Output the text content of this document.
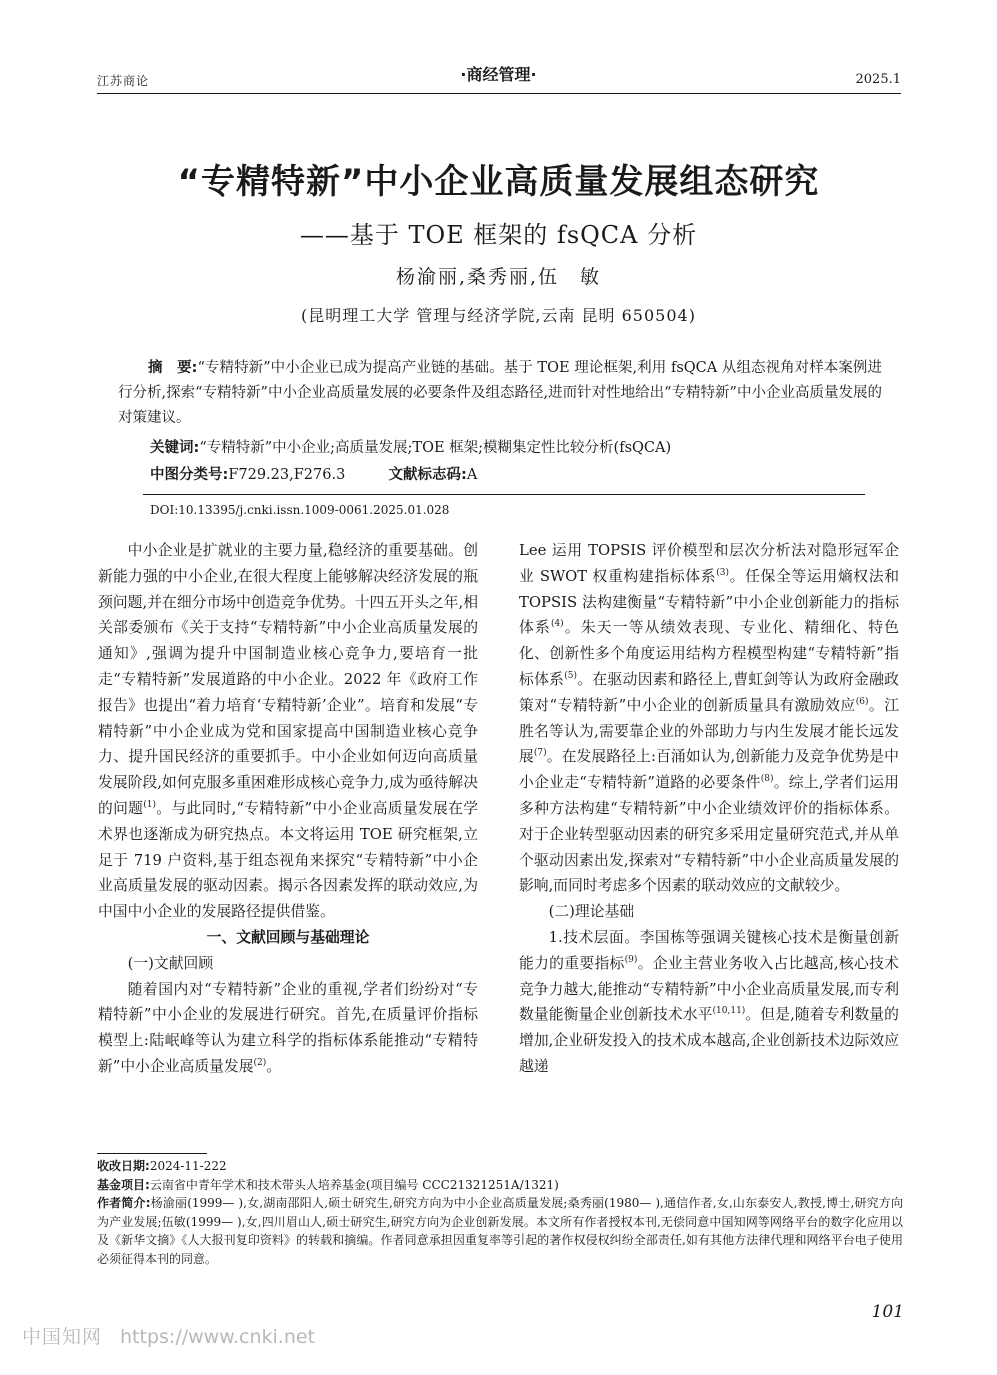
江苏商论	·商经管理·	2025.1
“专精特新”中小企业高质量发展组态研究
——基于 TOE 框架的 fsQCA 分析
杨渝丽,桑秀丽,伍　敏
(昆明理工大学 管理与经济学院,云南 昆明 650504)
摘　要:“专精特新”中小企业已成为提高产业链的基础。基于 TOE 理论框架,利用 fsQCA 从组态视角对样本案例进行分析,探索“专精特新”中小企业高质量发展的必要条件及组态路径,进而针对性地给出“专精特新”中小企业高质量发展的对策建议。
关键词:“专精特新”中小企业;高质量发展;TOE 框架;模糊集定性比较分析(fsQCA)
中图分类号:F729.23,F276.3	文献标志码:A
DOI:10.13395/j.cnki.issn.1009-0061.2025.01.028

中小企业是扩就业的主要力量,稳经济的重要基础。创新能力强的中小企业,在很大程度上能够解决经济发展的瓶颈问题,并在细分市场中创造竞争优势。十四五开头之年,相关部委颁布《关于支持“专精特新”中小企业高质量发展的通知》,强调为提升中国制造业核心竞争力,要培育一批走“专精特新”发展道路的中小企业。2022 年《政府工作报告》也提出“着力培育‘专精特新’企业”。培育和发展“专精特新”中小企业成为党和国家提高中国制造业核心竞争力、提升国民经济的重要抓手。中小企业如何迈向高质量发展阶段,如何克服多重困难形成核心竞争力,成为亟待解决的问题$^{(1)}$。与此同时,“专精特新”中小企业高质量发展在学术界也逐渐成为研究热点。本文将运用 TOE 研究框架,立足于 719 户资料,基于组态视角来探究“专精特新”中小企业高质量发展的驱动因素。揭示各因素发挥的联动效应,为中国中小企业的发展路径提供借鉴。

一、文献回顾与基础理论

(一)文献回顾

随着国内对“专精特新”企业的重视,学者们纷纷对“专精特新”中小企业的发展进行研究。首先,在质量评价指标模型上:陆岷峰等认为建立科学的指标体系能推动“专精特新”中小企业高质量发展$^{(2)}$。

Lee 运用 TOPSIS 评价模型和层次分析法对隐形冠军企业 SWOT 权重构建指标体系$^{(3)}$。任保全等运用熵权法和 TOPSIS 法构建衡量“专精特新”中小企业创新能力的指标体系$^{(4)}$。朱天一等从绩效表现、专业化、精细化、特色化、创新性多个角度运用结构方程模型构建“专精特新”指标体系$^{(5)}$。在驱动因素和路径上,曹虹剑等认为政府金融政策对“专精特新”中小企业的创新质量具有激励效应$^{(6)}$。江胜名等认为,需要靠企业的外部助力与内生发展才能长远发展$^{(7)}$。在发展路径上:百涌如认为,创新能力及竞争优势是中小企业走“专精特新”道路的必要条件$^{(8)}$。综上,学者们运用多种方法构建“专精特新”中小企业绩效评价的指标体系。对于企业转型驱动因素的研究多采用定量研究范式,并从单个驱动因素出发,探索对“专精特新”中小企业高质量发展的影响,而同时考虑多个因素的联动效应的文献较少。

(二)理论基础

1.技术层面。李国栋等强调关键核心技术是衡量创新能力的重要指标$^{(9)}$。企业主营业务收入占比越高,核心技术竞争力越大,能推动“专精特新”中小企业高质量发展,而专利数量能衡量企业创新技术水平$^{(10,11)}$。但是,随着专利数量的增加,企业研发投入的技术成本越高,企业创新技术边际效应越递

收改日期:2024-11-222

基金项目:云南省中青年学术和技术带头人培养基金(项目编号 CCC21321251A/1321)

作者简介:杨渝丽(1999— ),女,湖南邵阳人,硕士研究生,研究方向为中小企业高质量发展;桑秀丽(1980— ),通信作者,女,山东泰安人,教授,博士,研究方向为产业发展;伍敏(1999— ),女,四川眉山人,硕士研究生,研究方向为企业创新发展。本文所有作者授权本刊,无偿同意中国知网等网络平台的数字化应用以及《新华文摘》《人大报刊复印资料》的转载和摘编。作者同意承担因重复率等引起的著作权侵权纠纷全部责任,如有其他方法律代理和网络平台电子使用必须征得本刊的同意。

101
中国知网 https://www.cnki.net
